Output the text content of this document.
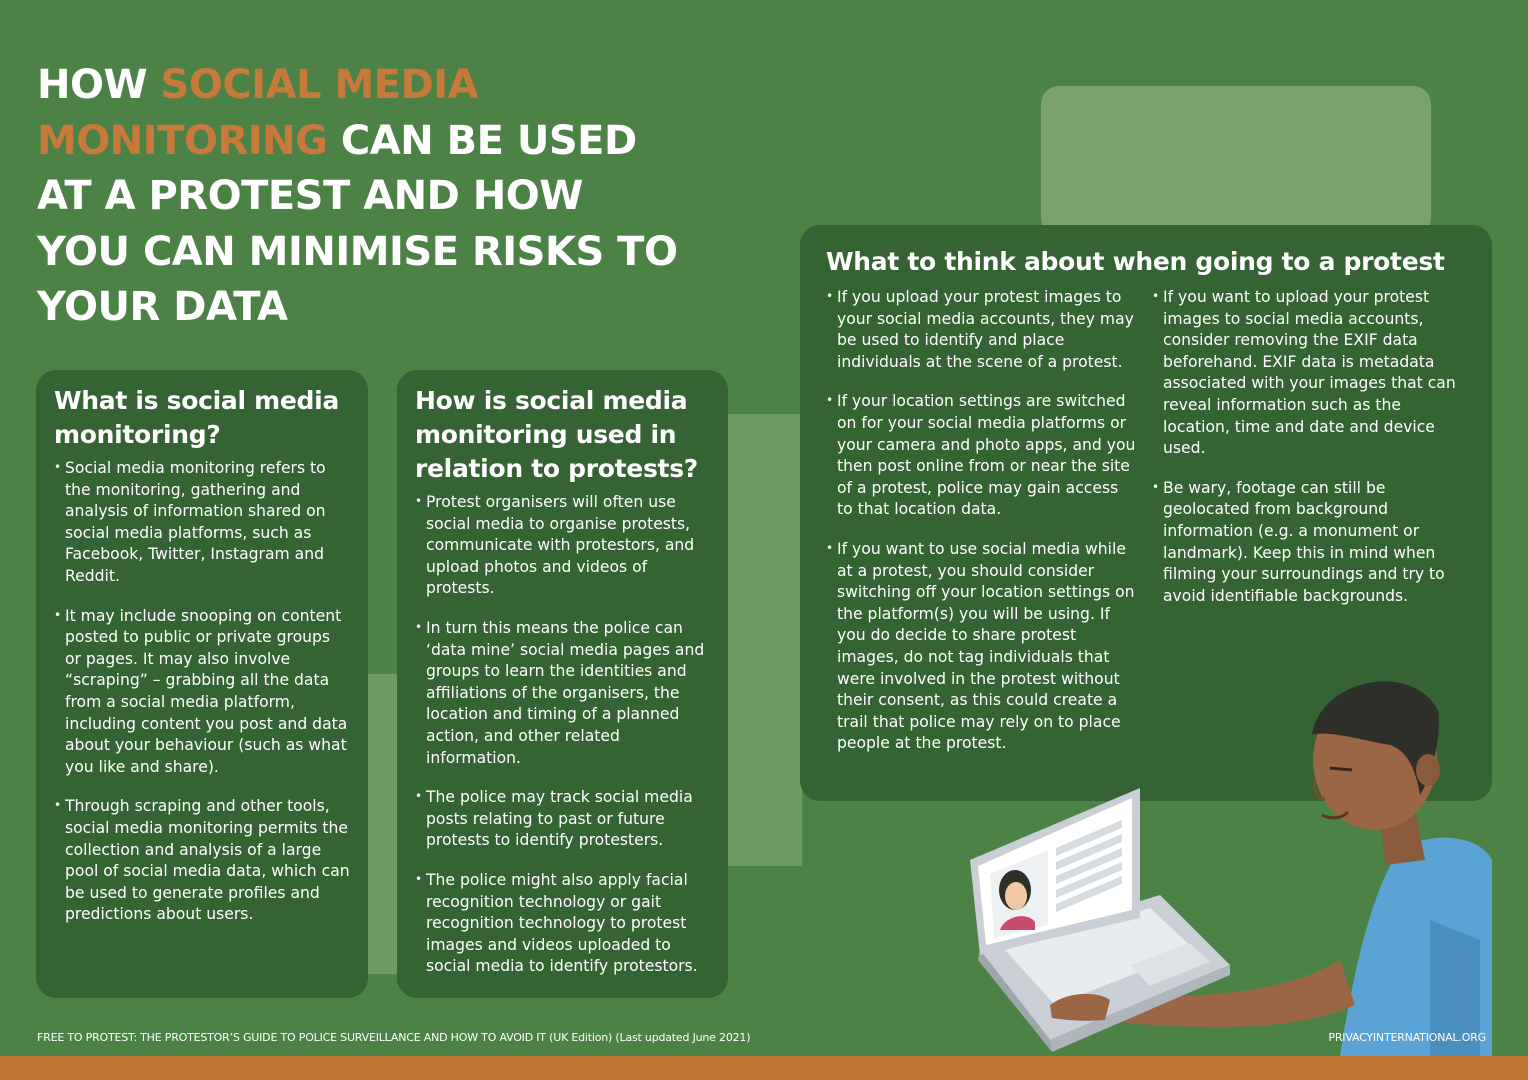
HOW SOCIAL MEDIA
MONITORING CAN BE USED
AT A PROTEST AND HOW
YOU CAN MINIMISE RISKS TO
YOUR DATA
What is social media monitoring?
• Social media monitoring refers to the monitoring, gathering and analysis of information shared on social media platforms, such as Facebook, Twitter, Instagram and Reddit.
• It may include snooping on content posted to public or private groups or pages. It may also involve “scraping” – grabbing all the data from a social media platform, including content you post and data about your behaviour (such as what you like and share).
• Through scraping and other tools, social media monitoring permits the collection and analysis of a large pool of social media data, which can be used to generate profiles and predictions about users.
How is social media monitoring used in relation to protests?
• Protest organisers will often use social media to organise protests, communicate with protestors, and upload photos and videos of protests.
• In turn this means the police can ‘data mine’ social media pages and groups to learn the identities and affiliations of the organisers, the location and timing of a planned action, and other related information.
• The police may track social media posts relating to past or future protests to identify protesters.
• The police might also apply facial recognition technology or gait recognition technology to protest images and videos uploaded to social media to identify protestors.
What to think about when going to a protest
• If you upload your protest images to your social media accounts, they may be used to identify and place individuals at the scene of a protest.
• If your location settings are switched on for your social media platforms or your camera and photo apps, and you then post online from or near the site of a protest, police may gain access to that location data.
• If you want to use social media while at a protest, you should consider switching off your location settings on the platform(s) you will be using. If you do decide to share protest images, do not tag individuals that were involved in the protest without their consent, as this could create a trail that police may rely on to place people at the protest.
• If you want to upload your protest images to social media accounts, consider removing the EXIF data beforehand. EXIF data is metadata associated with your images that can reveal information such as the location, time and date and device used.
• Be wary, footage can still be geolocated from background information (e.g. a monument or landmark). Keep this in mind when filming your surroundings and try to avoid identifiable backgrounds.
FREE TO PROTEST: THE PROTESTOR’S GUIDE TO POLICE SURVEILLANCE AND HOW TO AVOID IT (UK Edition) (Last updated June 2021)	PRIVACYINTERNATIONAL.ORG
